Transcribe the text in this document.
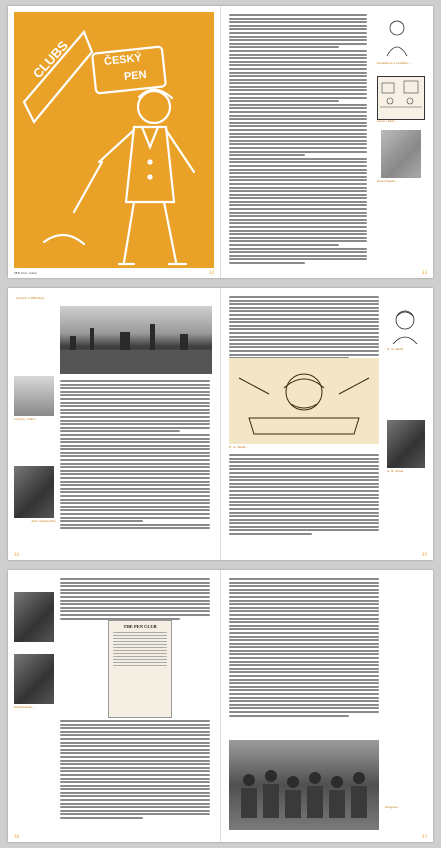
CLUBS	ČESKÝ
PEN
PEN klub české	32
Karikatura z počátku...
Cena / Klub...
Karel Čapek...
33
Londýn a PEN klub...
Londýn, 1920...
John Galsworthy
34
H. G. Wells...
H. G. Wells
G. B. Shaw
35
THE PEN CLUB
Zakladatelé...
36
Kongres...
37
